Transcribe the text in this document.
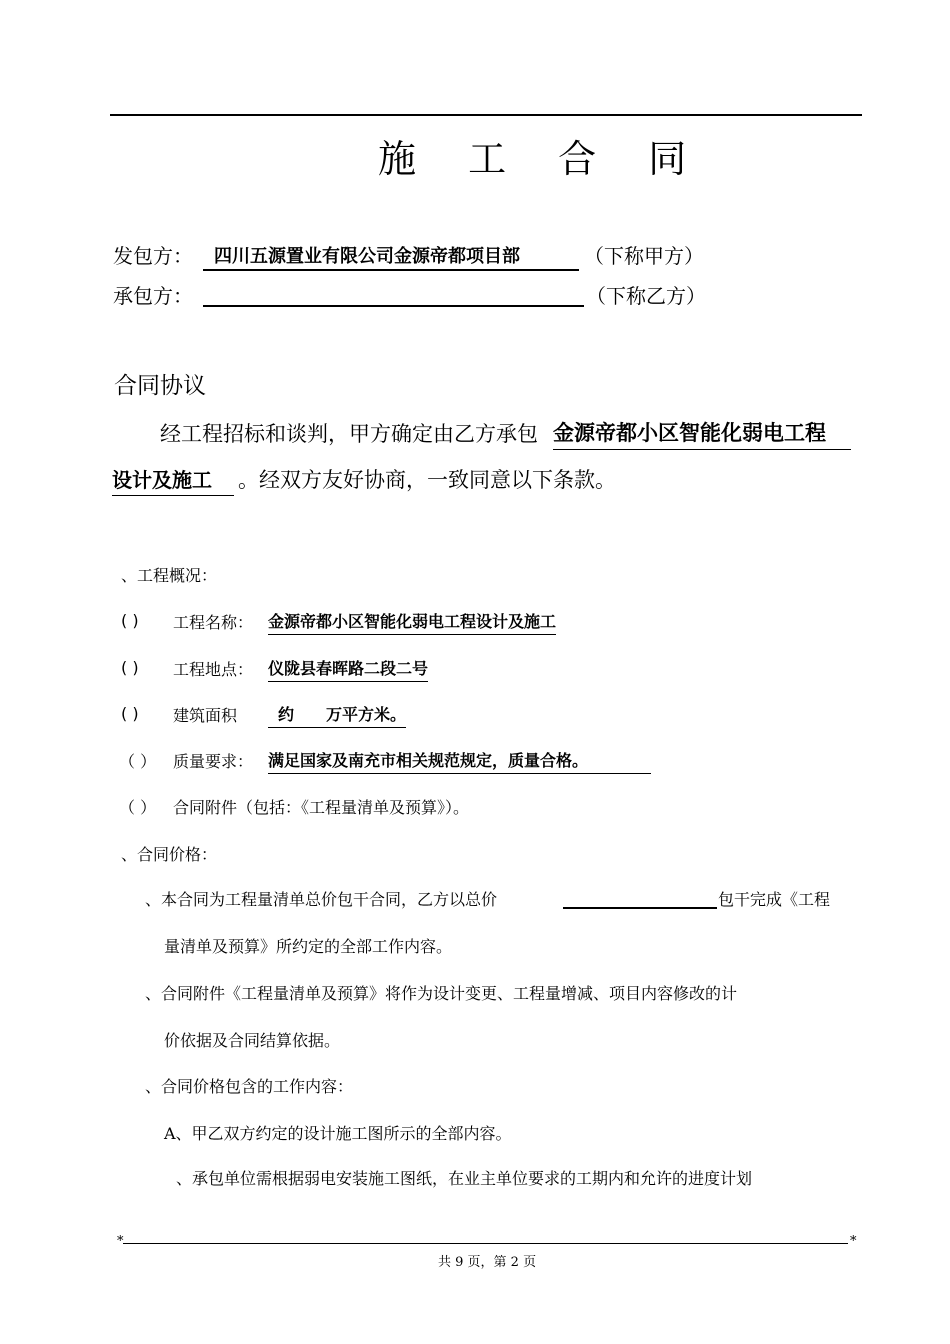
施 工 合 同
发包方： 四川五源置业有限公司金源帝都项目部	（下称甲方）
承包方：	（下称乙方）
合同协议
经工程招标和谈判，甲方确定由乙方承包 金源帝都小区智能化弱电工程
设计及施工	。经双方友好协商，一致同意以下条款。
、工程概况：
( ) 工程名称： 金源帝都小区智能化弱电工程设计及施工
( ) 工程地点： 仪陇县春晖路二段二号
( ) 建筑面积	约　　万平方米。
（ ） 质量要求： 满足国家及南充市相关规范规定，质量合格。
（ ） 合同附件（包括：《工程量清单及预算》）。
、合同价格：
、本合同为工程量清单总价包干合同，乙方以总价	包干完成《工程
量清单及预算》所约定的全部工作内容。
、合同附件《工程量清单及预算》将作为设计变更、工程量增减、项目内容修改的计
价依据及合同结算依据。
、合同价格包含的工作内容：
A、甲乙双方约定的设计施工图所示的全部内容。
、承包单位需根据弱电安装施工图纸，在业主单位要求的工期内和允许的进度计划
*	*
共 9 页，第 2 页
